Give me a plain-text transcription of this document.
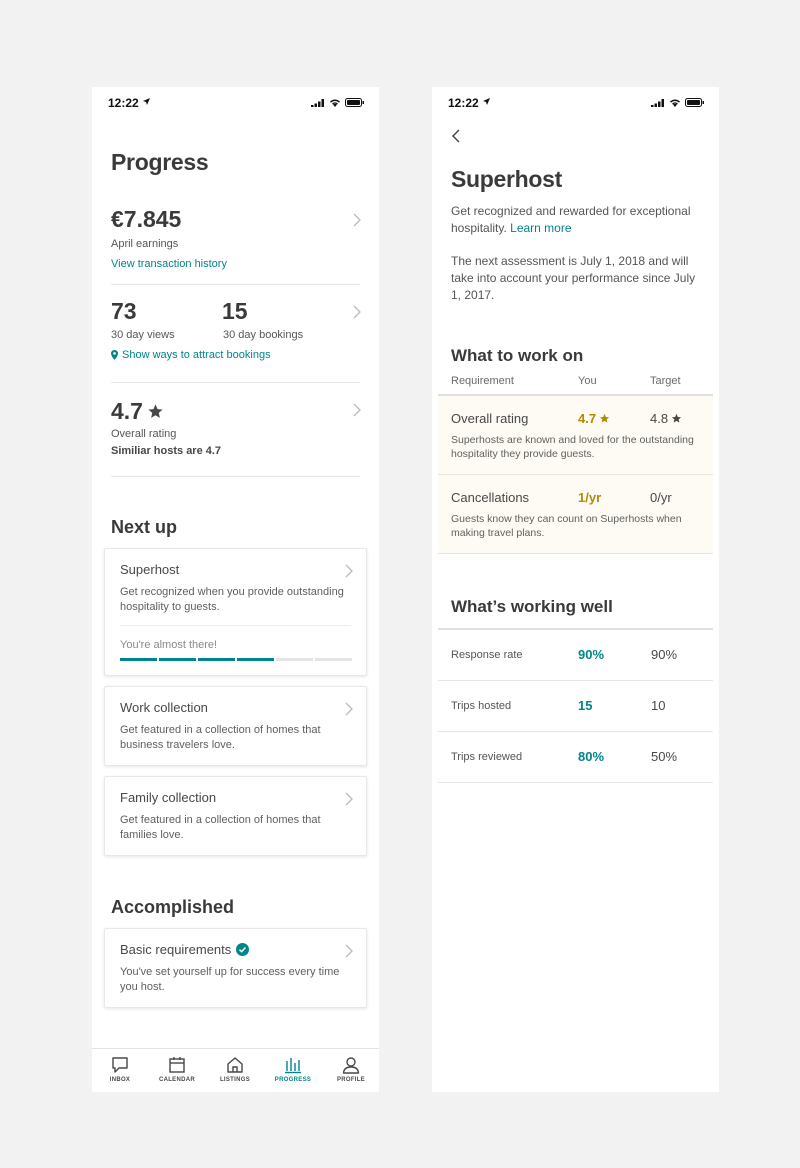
12:22
Progress
€7.845
April earnings
View transaction history
73
30 day views
15
30 day bookings
Show ways to attract bookings
4.7
Overall rating
Similiar hosts are 4.7
Next up
Superhost
Get recognized when you provide outstanding hospitality to guests.
You're almost there!
Work collection
Get featured in a collection of homes that business travelers love.
Family collection
Get featured in a collection of homes that families love.
Accomplished
Basic requirements
You've set yourself up for success every time you host.
INBOX	CALENDAR	LISTINGS	PROGRESS	PROFILE
12:22
Superhost
Get recognized and rewarded for exceptional hospitality. Learn more
The next assessment is July 1, 2018 and will take into account your performance since July 1, 2017.
What to work on
Requirement	You	Target
Overall rating	4.7	4.8
Superhosts are known and loved for the outstanding hospitality they provide guests.
Cancellations	1/yr	0/yr
Guests know they can count on Superhosts when making travel plans.
What’s working well
Response rate	90%	90%
Trips hosted	15	10
Trips reviewed	80%	50%
